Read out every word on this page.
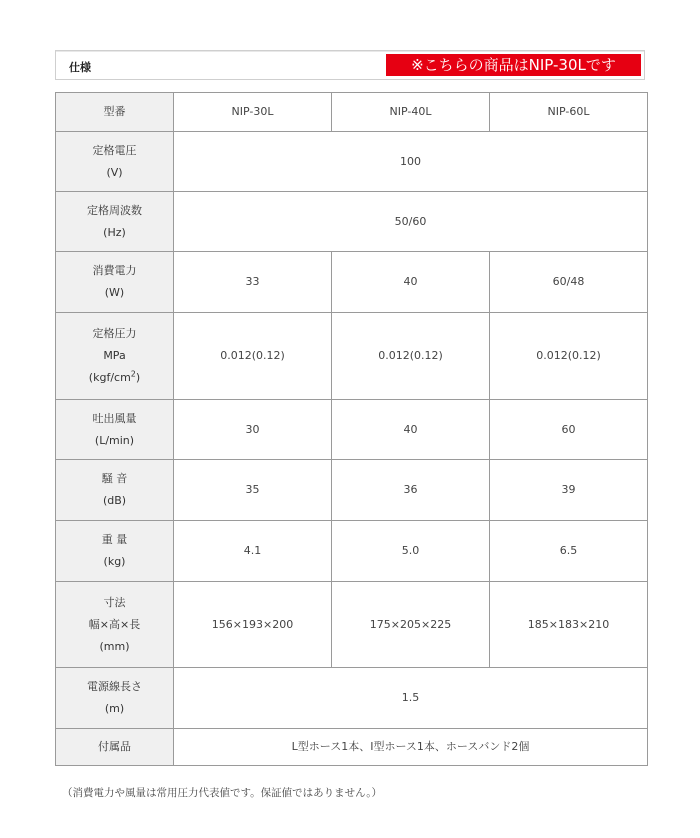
仕様	※こちらの商品はNIP-30Lです
型番	NIP-30L	NIP-40L	NIP-60L

定格電圧
(V)	100		

定格周波数
(Hz)	50/60		

消費電力
(W)	33	40	60/48

定格圧力
MPa
$(kgf/cm^2)$	0.012(0.12)	0.012(0.12)	0.012(0.12)

吐出風量
(L/min)	30	40	60

騒 音
(dB)	35	36	39

重 量
(kg)	4.1	5.0	6.5

寸法
幅×高×長
(mm)	156×193×200	175×205×225	185×183×210

電源線長さ
(m)	1.5		
付属品	L型ホース1本、I型ホース1本、ホースバンド2個		
（消費電力や風量は常用圧力代表値です。保証値ではありません。）
